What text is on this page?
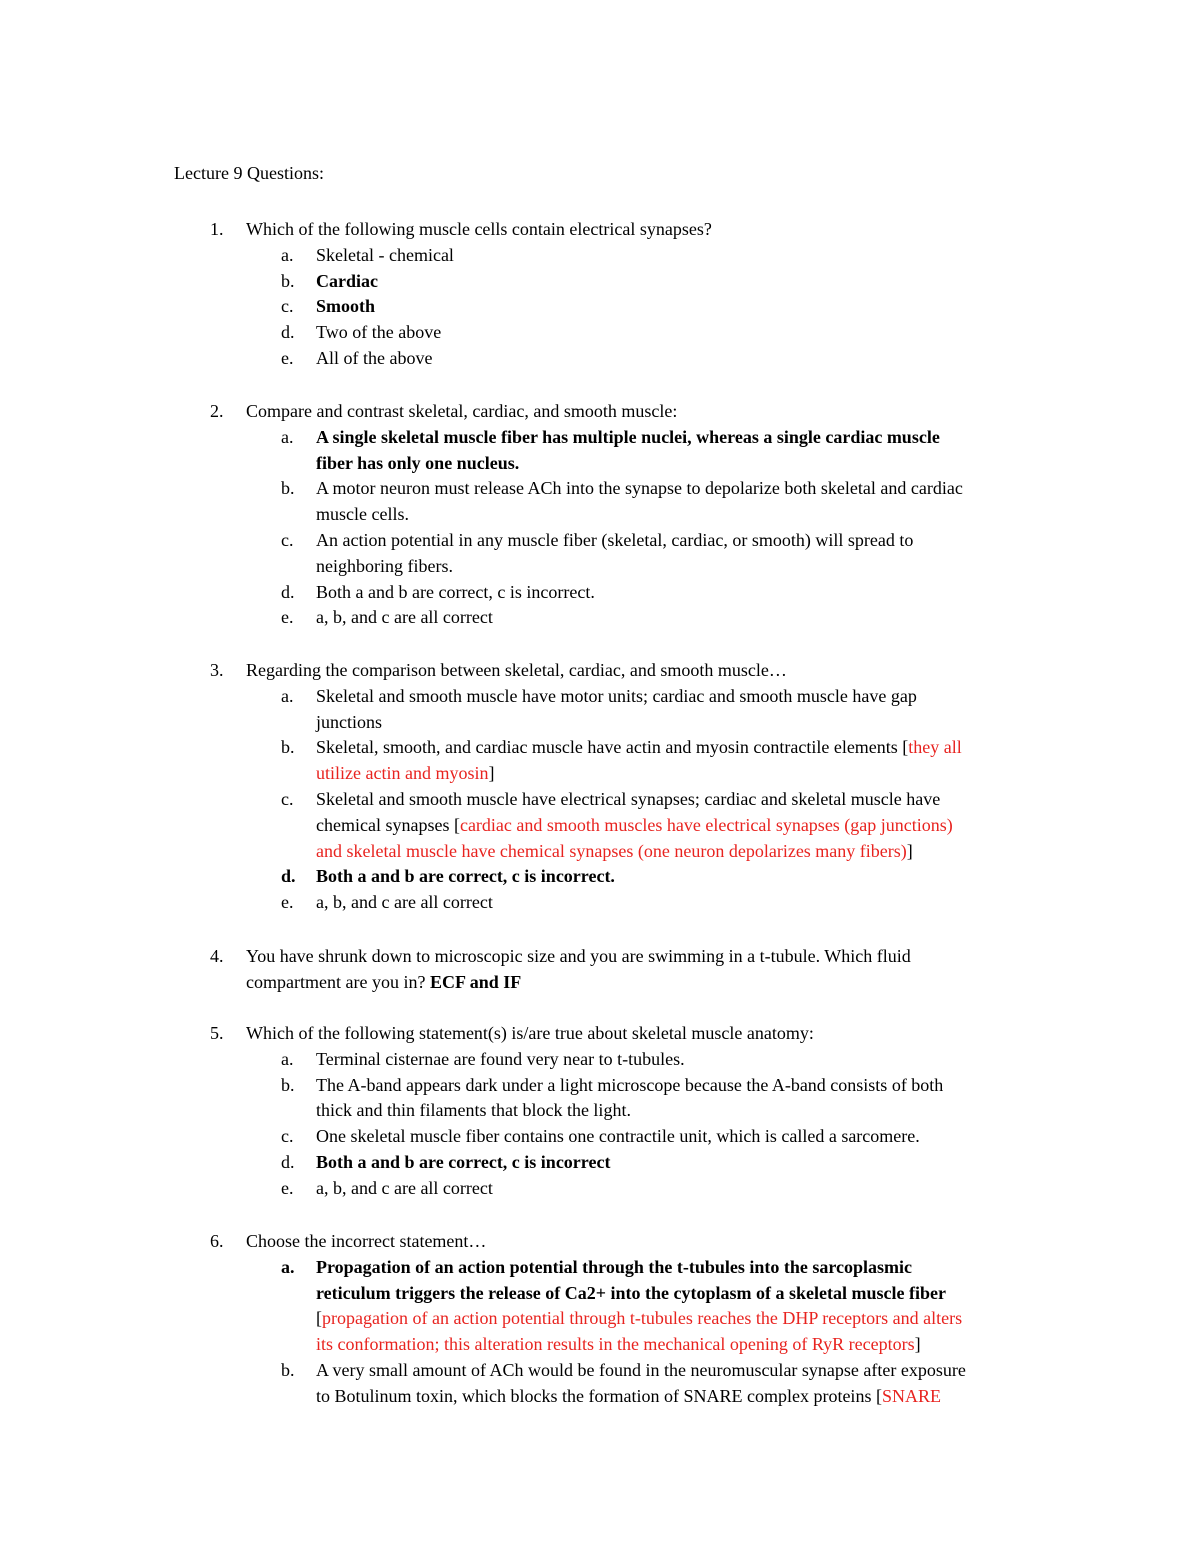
Lecture 9 Questions:
1. Which of the following muscle cells contain electrical synapses?
a. Skeletal - chemical
b. Cardiac
c. Smooth
d. Two of the above
e. All of the above
2. Compare and contrast skeletal, cardiac, and smooth muscle:
a. A single skeletal muscle fiber has multiple nuclei, whereas a single cardiac muscle
fiber has only one nucleus.
b. A motor neuron must release ACh into the synapse to depolarize both skeletal and cardiac
muscle cells.
c. An action potential in any muscle fiber (skeletal, cardiac, or smooth) will spread to
neighboring fibers.
d. Both a and b are correct, c is incorrect.
e. a, b, and c are all correct
3. Regarding the comparison between skeletal, cardiac, and smooth muscle…
a. Skeletal and smooth muscle have motor units; cardiac and smooth muscle have gap
junctions
b. Skeletal, smooth, and cardiac muscle have actin and myosin contractile elements [they all
utilize actin and myosin]
c. Skeletal and smooth muscle have electrical synapses; cardiac and skeletal muscle have
chemical synapses [cardiac and smooth muscles have electrical synapses (gap junctions)
and skeletal muscle have chemical synapses (one neuron depolarizes many fibers)]
d. Both a and b are correct, c is incorrect.
e. a, b, and c are all correct
4. You have shrunk down to microscopic size and you are swimming in a t-tubule. Which fluid
compartment are you in? ECF and IF
5. Which of the following statement(s) is/are true about skeletal muscle anatomy:
a. Terminal cisternae are found very near to t-tubules.
b. The A-band appears dark under a light microscope because the A-band consists of both
thick and thin filaments that block the light.
c. One skeletal muscle fiber contains one contractile unit, which is called a sarcomere.
d. Both a and b are correct, c is incorrect
e. a, b, and c are all correct
6. Choose the incorrect statement…
a. Propagation of an action potential through the t-tubules into the sarcoplasmic
reticulum triggers the release of Ca2+ into the cytoplasm of a skeletal muscle fiber
[propagation of an action potential through t-tubules reaches the DHP receptors and alters
its conformation; this alteration results in the mechanical opening of RyR receptors]
b. A very small amount of ACh would be found in the neuromuscular synapse after exposure
to Botulinum toxin, which blocks the formation of SNARE complex proteins [SNARE
